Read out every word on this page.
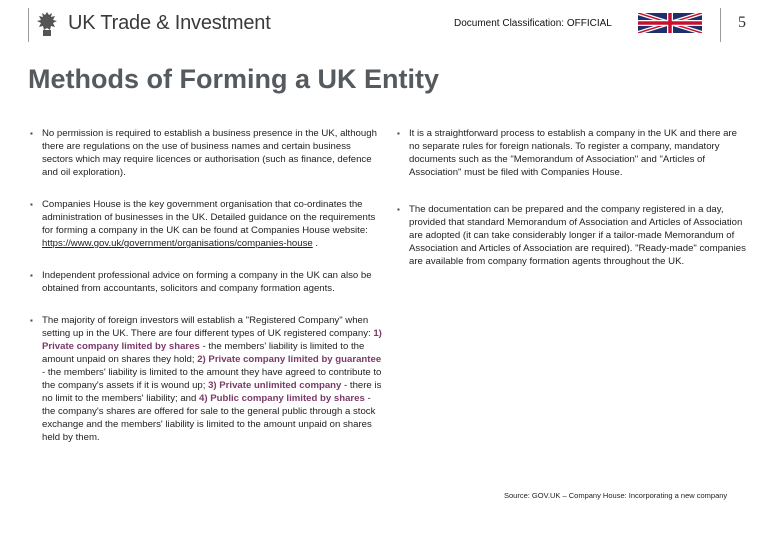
UK Trade & Investment	Document Classification: OFFICIAL	5
Methods of Forming a UK Entity
▪ No permission is required to establish a business presence in the UK, although there are regulations on the use of business names and certain business sectors which may require licences or authorisation (such as finance, defence and oil exploration).
▪ Companies House is the key government organisation that co-ordinates the administration of businesses in the UK. Detailed guidance on the requirements for forming a company in the UK can be found at Companies House website: https://www.gov.uk/government/organisations/companies-house .
▪ Independent professional advice on forming a company in the UK can also be obtained from accountants, solicitors and company formation agents.
▪ The majority of foreign investors will establish a "Registered Company" when setting up in the UK. There are four different types of UK registered company: 1) Private company limited by shares - the members' liability is limited to the amount unpaid on shares they hold; 2) Private company limited by guarantee - the members' liability is limited to the amount they have agreed to contribute to the company's assets if it is wound up; 3) Private unlimited company - there is no limit to the members' liability; and 4) Public company limited by shares - the company's shares are offered for sale to the general public through a stock exchange and the members' liability is limited to the amount unpaid on shares held by them.
▪ It is a straightforward process to establish a company in the UK and there are no separate rules for foreign nationals. To register a company, mandatory documents such as the "Memorandum of Association" and "Articles of Association" must be filed with Companies House.
▪ The documentation can be prepared and the company registered in a day, provided that standard Memorandum of Association and Articles of Association are adopted (it can take considerably longer if a tailor-made Memorandum of Association and Articles of Association are required). "Ready-made" companies are available from company formation agents throughout the UK.
Source: GOV.UK – Company House: Incorporating a new company
